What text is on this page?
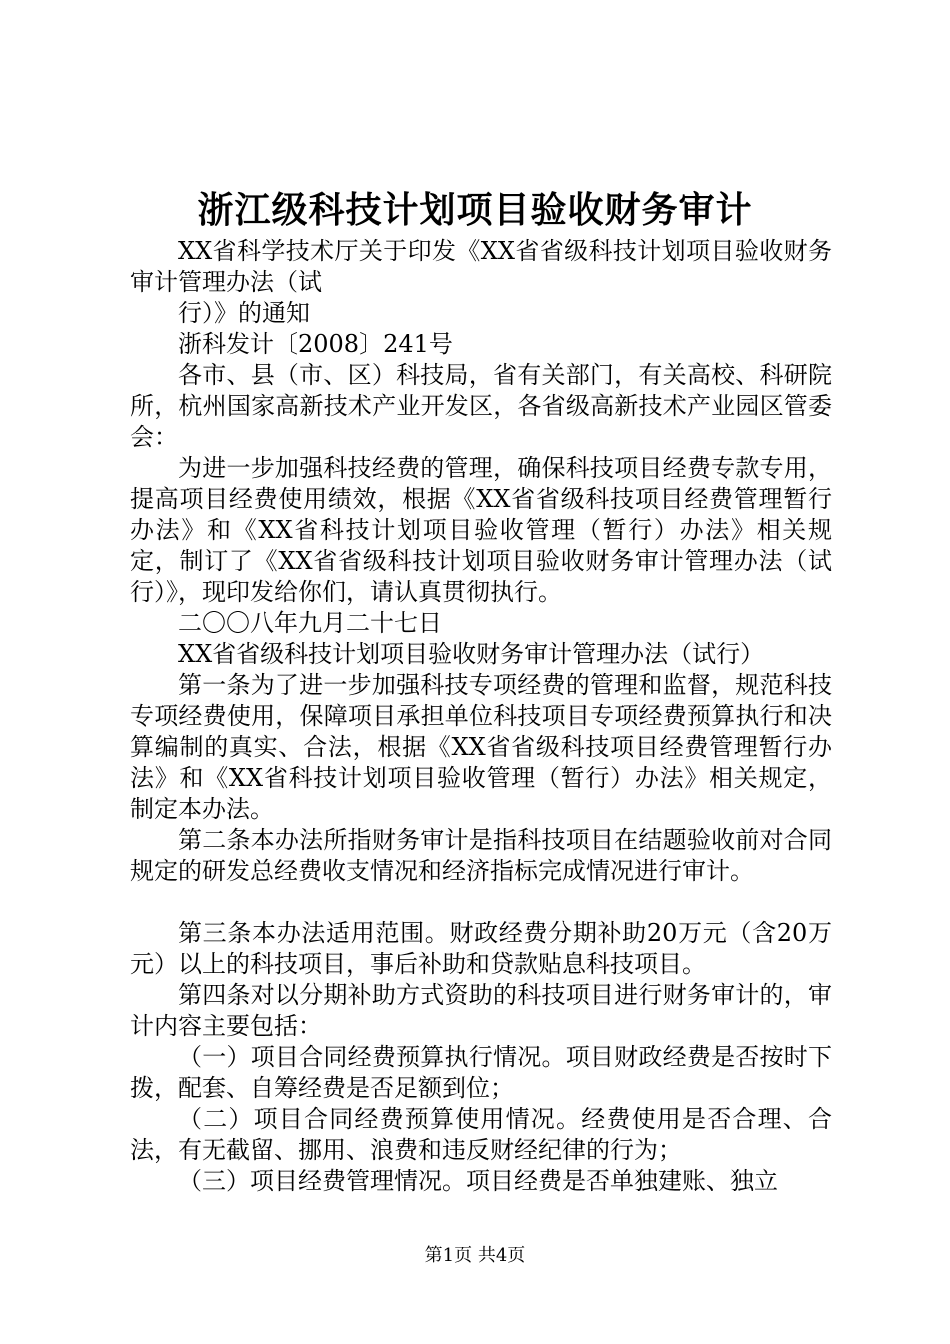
浙江级科技计划项目验收财务审计

XX省科学技术厅关于印发《XX省省级科技计划项目验收财务审计管理办法（试

行）》的通知

浙科发计〔2008〕241号

各市、县（市、区）科技局，省有关部门，有关高校、科研院所，杭州国家高新技术产业开发区，各省级高新技术产业园区管委会：

为进一步加强科技经费的管理，确保科技项目经费专款专用，提高项目经费使用绩效，根据《XX省省级科技项目经费管理暂行办法》和《XX省科技计划项目验收管理（暂行）办法》相关规定，制订了《XX省省级科技计划项目验收财务审计管理办法（试行）》，现印发给你们，请认真贯彻执行。

二〇〇八年九月二十七日

XX省省级科技计划项目验收财务审计管理办法（试行）

第一条为了进一步加强科技专项经费的管理和监督，规范科技专项经费使用，保障项目承担单位科技项目专项经费预算执行和决算编制的真实、合法，根据《XX省省级科技项目经费管理暂行办法》和《XX省科技计划项目验收管理（暂行）办法》相关规定，制定本办法。

第二条本办法所指财务审计是指科技项目在结题验收前对合同规定的研发总经费收支情况和经济指标完成情况进行审计。

第三条本办法适用范围。财政经费分期补助20万元（含20万元）以上的科技项目，事后补助和贷款贴息科技项目。

第四条对以分期补助方式资助的科技项目进行财务审计的，审计内容主要包括：

（一）项目合同经费预算执行情况。项目财政经费是否按时下拨，配套、自筹经费是否足额到位；

（二）项目合同经费预算使用情况。经费使用是否合理、合法，有无截留、挪用、浪费和违反财经纪律的行为；

（三）项目经费管理情况。项目经费是否单独建账、独立

第1页 共4页
